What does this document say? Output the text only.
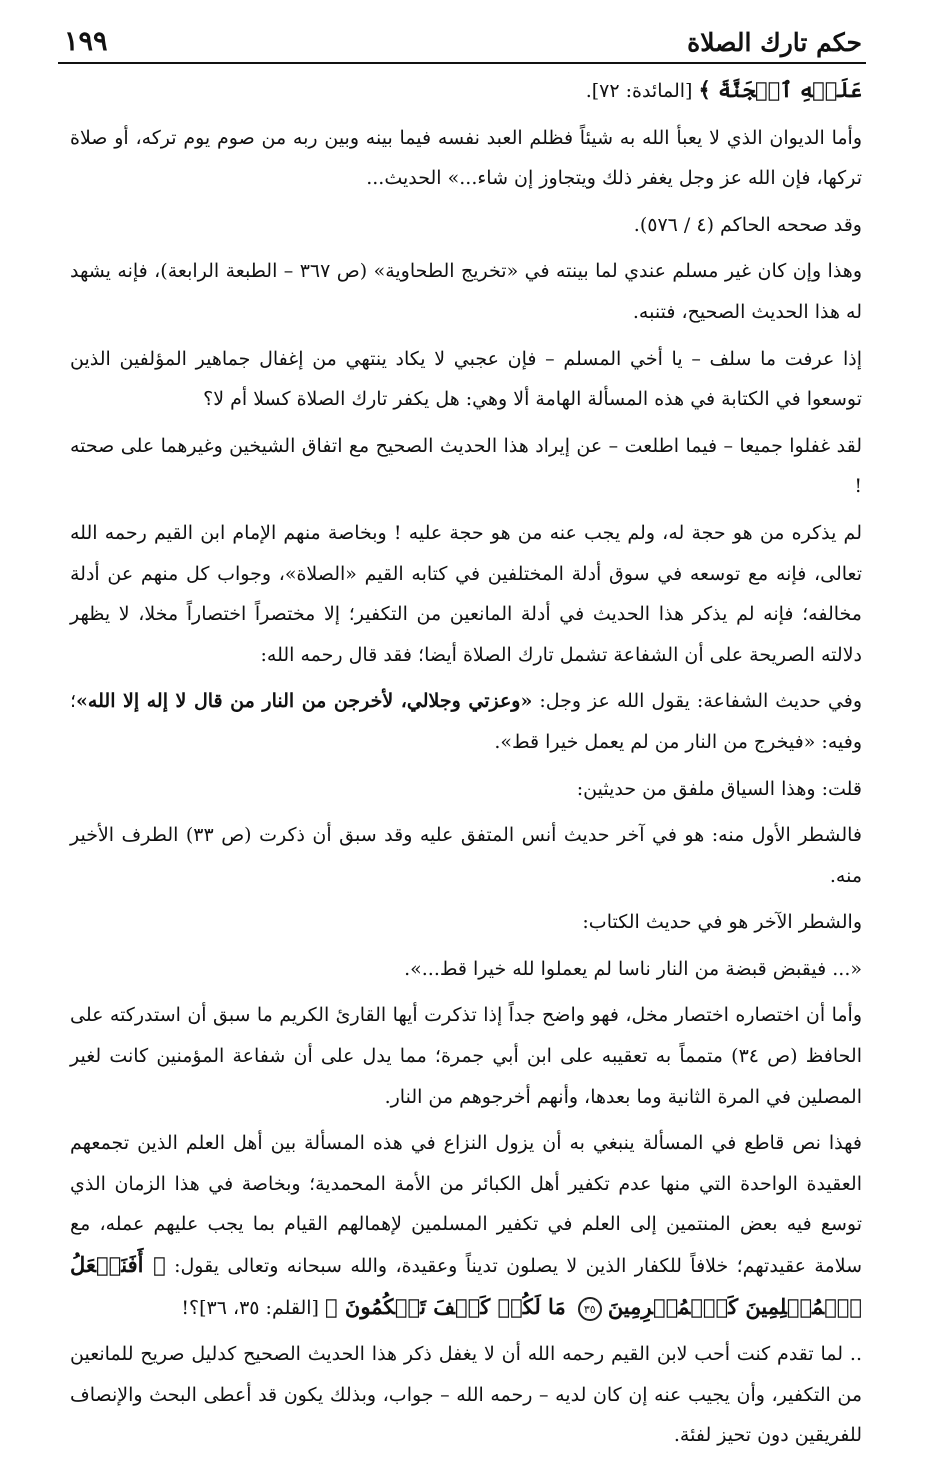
حكم تارك الصلاة
١٩٩

عَلَيۡهِ ٱلۡجَنَّةَ ﴾ [المائدة: ٧٢].

وأما الديوان الذي لا يعبأ الله به شيئاً فظلم العبد نفسه فيما بينه وبين ربه من صوم يوم تركه، أو صلاة تركها، فإن الله عز وجل يغفر ذلك ويتجاوز إن شاء...» الحديث...

وقد صححه الحاكم (٤ / ٥٧٦).

وهذا وإن كان غير مسلم عندي لما بينته في «تخريج الطحاوية» (ص ٣٦٧ – الطبعة الرابعة)، فإنه يشهد له هذا الحديث الصحيح، فتنبه.

إذا عرفت ما سلف – يا أخي المسلم – فإن عجبي لا يكاد ينتهي من إغفال جماهير المؤلفين الذين توسعوا في الكتابة في هذه المسألة الهامة ألا وهي: هل يكفر تارك الصلاة كسلا أم لا؟

لقد غفلوا جميعا – فيما اطلعت – عن إيراد هذا الحديث الصحيح مع اتفاق الشيخين وغيرهما على صحته !

لم يذكره من هو حجة له، ولم يجب عنه من هو حجة عليه ! وبخاصة منهم الإمام ابن القيم رحمه الله تعالى، فإنه مع توسعه في سوق أدلة المختلفين في كتابه القيم «الصلاة»، وجواب كل منهم عن أدلة مخالفه؛ فإنه لم يذكر هذا الحديث في أدلة المانعين من التكفير؛ إلا مختصراً اختصاراً مخلا، لا يظهر دلالته الصريحة على أن الشفاعة تشمل تارك الصلاة أيضا؛ فقد قال رحمه الله:

وفي حديث الشفاعة: يقول الله عز وجل: «وعزتي وجلالي، لأخرجن من النار من قال لا إله إلا الله»؛ وفيه: «فيخرج من النار من لم يعمل خيرا قط».

قلت: وهذا السياق ملفق من حديثين:

فالشطر الأول منه: هو في آخر حديث أنس المتفق عليه وقد سبق أن ذكرت (ص ٣٣) الطرف الأخير منه.

والشطر الآخر هو في حديث الكتاب:

«... فيقبض قبضة من النار ناسا لم يعملوا لله خيرا قط...».

وأما أن اختصاره اختصار مخل، فهو واضح جداً إذا تذكرت أيها القارئ الكريم ما سبق أن استدركته على الحافظ (ص ٣٤) متمماً به تعقيبه على ابن أبي جمرة؛ مما يدل على أن شفاعة المؤمنين كانت لغير المصلين في المرة الثانية وما بعدها، وأنهم أخرجوهم من النار.

فهذا نص قاطع في المسألة ينبغي به أن يزول النزاع في هذه المسألة بين أهل العلم الذين تجمعهم العقيدة الواحدة التي منها عدم تكفير أهل الكبائر من الأمة المحمدية؛ وبخاصة في هذا الزمان الذي توسع فيه بعض المنتمين إلى العلم في تكفير المسلمين لإهمالهم القيام بما يجب عليهم عمله، مع سلامة عقيدتهم؛ خلافاً للكفار الذين لا يصلون تديناً وعقيدة، والله سبحانه وتعالى يقول: ﴿ أَفَنَجۡعَلُ ٱلۡمُسۡلِمِينَ كَٱلۡمُجۡرِمِينَ ٣٥ مَا لَكُمۡ كَيۡفَ تَحۡكُمُونَ ﴾ [القلم: ٣٥، ٣٦]؟!

.. لما تقدم كنت أحب لابن القيم رحمه الله أن لا يغفل ذكر هذا الحديث الصحيح كدليل صريح للمانعين من التكفير، وأن يجيب عنه إن كان لديه – رحمه الله – جواب، وبذلك يكون قد أعطى البحث والإنصاف للفريقين دون تحيز لفئة.
